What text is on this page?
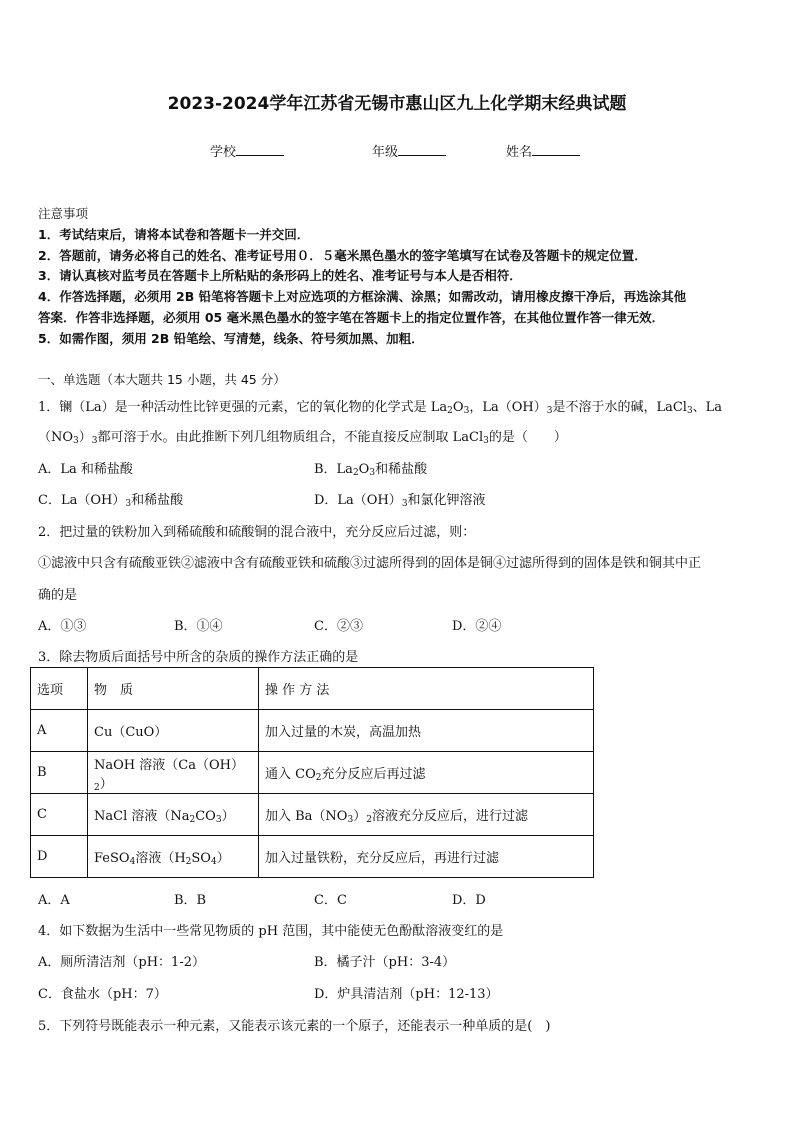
2023-2024学年江苏省无锡市惠山区九上化学期末经典试题
学校	年级	姓名
注意事项
1．考试结束后，请将本试卷和答题卡一并交回．
2．答题前，请务必将自己的姓名、准考证号用０．５毫米黑色墨水的签字笔填写在试卷及答题卡的规定位置．
3．请认真核对监考员在答题卡上所粘贴的条形码上的姓名、准考证号与本人是否相符．
4．作答选择题，必须用 2B 铅笔将答题卡上对应选项的方框涂满、涂黑；如需改动，请用橡皮擦干净后，再选涂其他
答案．作答非选择题，必须用 05 毫米黑色墨水的签字笔在答题卡上的指定位置作答，在其他位置作答一律无效．
5．如需作图，须用 2B 铅笔绘、写清楚，线条、符号须加黑、加粗．
一、单选题（本大题共 15 小题，共 45 分）
1．镧（La）是一种活动性比锌更强的元素，它的氧化物的化学式是 $La_2O_3$，$La(OH)_3$是不溶于水的碱，LaCl$_3$、La
$(NO_3)_3$都可溶于水。由此推断下列几组物质组合，不能直接反应制取 LaCl$_3$的是（　　）
A．La 和稀盐酸	B．$La_2O_3$和稀盐酸
C．$La(OH)_3$和稀盐酸	D．$La(OH)_3$和氯化钾溶液
2．把过量的铁粉加入到稀硫酸和硫酸铜的混合液中，充分反应后过滤，则：
①滤液中只含有硫酸亚铁②滤液中含有硫酸亚铁和硫酸③过滤所得到的固体是铜④过滤所得到的固体是铁和铜其中正
确的是
A．①③	B．①④	C．②③	D．②④
3．除去物质后面括号中所含的杂质的操作方法正确的是
选项	物　质	操 作 方 法
A	Cu（CuO）	加入过量的木炭，高温加热
B	NaOH 溶液$(Ca(OH)_2)$	通入 $CO_2$充分反应后再过滤
C	NaCl 溶液$(Na_2CO_3)$	加入 $Ba(NO_3)_2$溶液充分反应后，进行过滤
D	FeSO$_4$溶液$(H_2SO_4)$	加入过量铁粉，充分反应后，再进行过滤
A．A	B．B	C．C	D．D
4．如下数据为生活中一些常见物质的 pH 范围，其中能使无色酚酞溶液变红的是
A．厕所清洁剂（pH：1-2）	B．橘子汁（pH：3-4）
C．食盐水（pH：7）	D．炉具清洁剂（pH：12-13）
5．下列符号既能表示一种元素，又能表示该元素的一个原子，还能表示一种单质的是(　)
